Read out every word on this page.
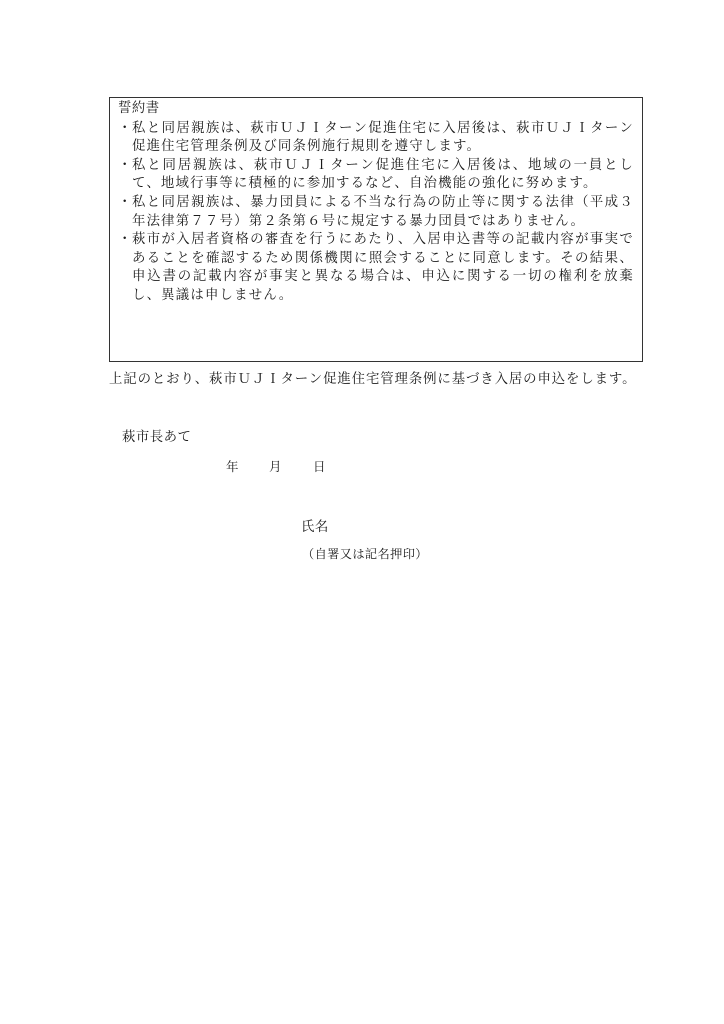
誓約書
・ 私と同居親族は、萩市ＵＪＩターン促進住宅に入居後は、萩市ＵＪＩターン促進住宅管理条例及び同条例施行規則を遵守します。
・ 私と同居親族は、萩市ＵＪＩターン促進住宅に入居後は、地域の一員として、地域行事等に積極的に参加するなど、自治機能の強化に努めます。
・ 私と同居親族は、暴力団員による不当な行為の防止等に関する法律（平成３年法律第７７号）第２条第６号に規定する暴力団員ではありません。
・ 萩市が入居者資格の審査を行うにあたり、入居申込書等の記載内容が事実であることを確認するため関係機関に照会することに同意します。その結果、申込書の記載内容が事実と異なる場合は、申込に関する一切の権利を放棄し、異議は申しません。

上記のとおり、萩市ＵＪＩターン促進住宅管理条例に基づき入居の申込をします。

萩市長あて

年 月	日

氏名

（自署又は記名押印）
